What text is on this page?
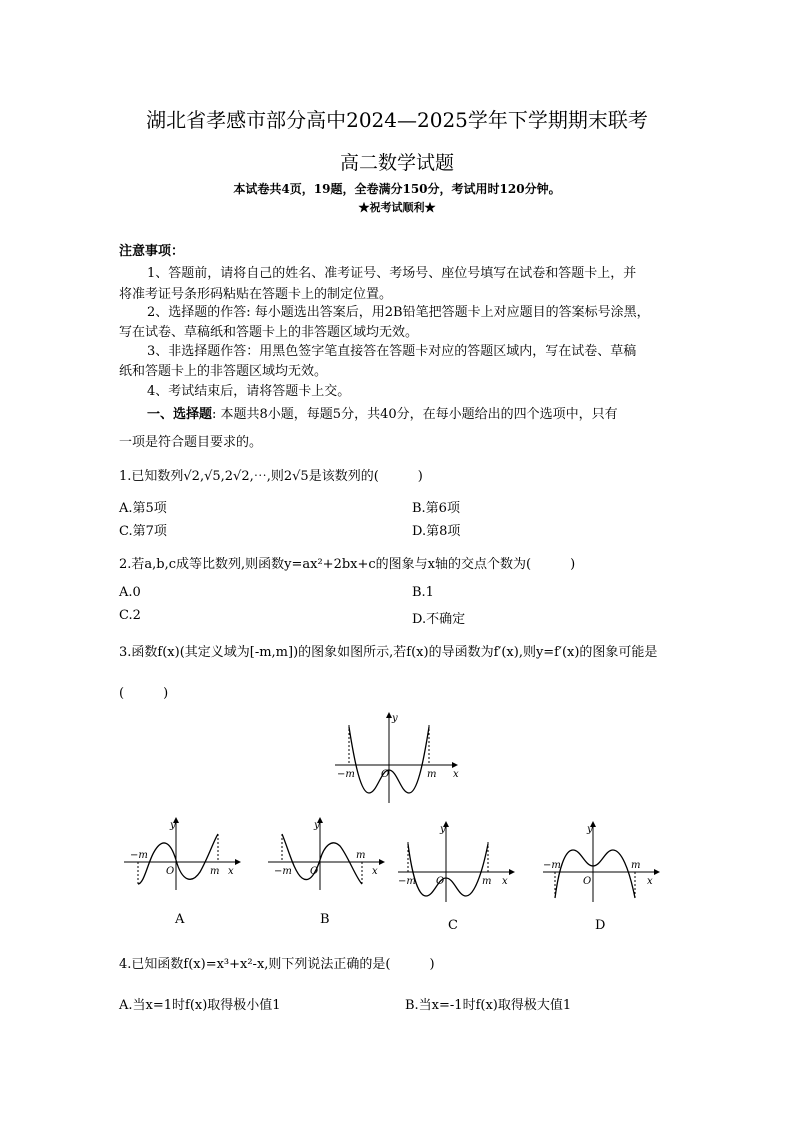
湖北省孝感市部分高中2024—2025学年下学期期末联考
高二数学试题
本试卷共4页，19题，全卷满分150分，考试用时120分钟。
★祝考试顺利★
注意事项：
1、答题前，请将自己的姓名、准考证号、考场号、座位号填写在试卷和答题卡上，并
将准考证号条形码粘贴在答题卡上的制定位置。
2、选择题的作答: 每小题选出答案后，用2B铅笔把答题卡上对应题目的答案标号涂黑，
写在试卷、草稿纸和答题卡上的非答题区域均无效。
3、非选择题作答：用黑色签字笔直接答在答题卡对应的答题区域内，写在试卷、草稿
纸和答题卡上的非答题区域均无效。
4、考试结束后，请将答题卡上交。
一、选择题: 本题共8小题，每题5分，共40分，在每小题给出的四个选项中，只有
一项是符合题目要求的。
1.已知数列√2,√5,2√2,⋯,则2√5是该数列的(　　　)
A.第5项	B.第6项
C.第7项	D.第8项
2.若a,b,c成等比数列,则函数y=ax²+2bx+c的图象与x轴的交点个数为(　　　)
A.0	B.1
C.2	D.不确定
3.函数f(x)(其定义域为[-m,m])的图象如图所示,若f(x)的导函数为f′(x),则y=f′(x)的图象可能是
(　　　)
y
x
O
−m	m
y
x
O
−m
m
A
y
x
O
−m
m
B
y
x
O
−m	m
C
y
x
O
−m	m
D
4.已知函数f(x)=x³+x²-x,则下列说法正确的是(　　　)
A.当x=1时f(x)取得极小值1	B.当x=-1时f(x)取得极大值1
